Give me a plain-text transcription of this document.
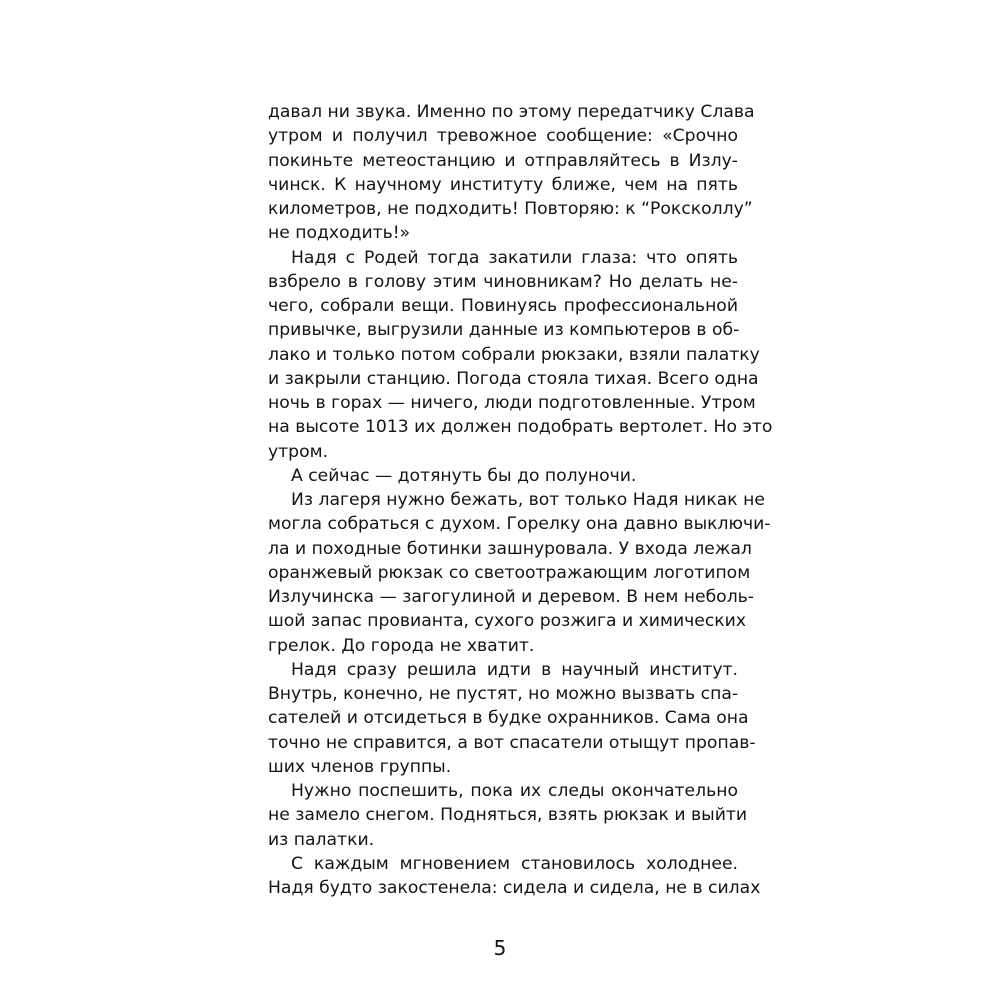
давал ни звука. Именно по этому передатчику Слава
утром и получил тревожное сообщение: «Срочно
покиньте метеостанцию и отправляйтесь в Излу-
чинск. К научному институту ближе, чем на пять
километров, не подходить! Повторяю: к “Роксколлу”
не подходить!»
Надя с Родей тогда закатили глаза: что опять
взбрело в голову этим чиновникам? Но делать не-
чего, собрали вещи. Повинуясь профессиональной
привычке, выгрузили данные из компьютеров в об-
лако и только потом собрали рюкзаки, взяли палатку
и закрыли станцию. Погода стояла тихая. Всего одна
ночь в горах — ничего, люди подготовленные. Утром
на высоте 1013 их должен подобрать вертолет. Но это
утром.
А сейчас — дотянуть бы до полуночи.
Из лагеря нужно бежать, вот только Надя никак не
могла собраться с духом. Горелку она давно выключи-
ла и походные ботинки зашнуровала. У входа лежал
оранжевый рюкзак со светоотражающим логотипом
Излучинска — загогулиной и деревом. В нем неболь-
шой запас провианта, сухого розжига и химических
грелок. До города не хватит.
Надя сразу решила идти в научный институт.
Внутрь, конечно, не пустят, но можно вызвать спа-
сателей и отсидеться в будке охранников. Сама она
точно не справится, а вот спасатели отыщут пропав-
ших членов группы.
Нужно поспешить, пока их следы окончательно
не замело снегом. Подняться, взять рюкзак и выйти
из палатки.
С каждым мгновением становилось холоднее.
Надя будто закостенела: сидела и сидела, не в силах
5
